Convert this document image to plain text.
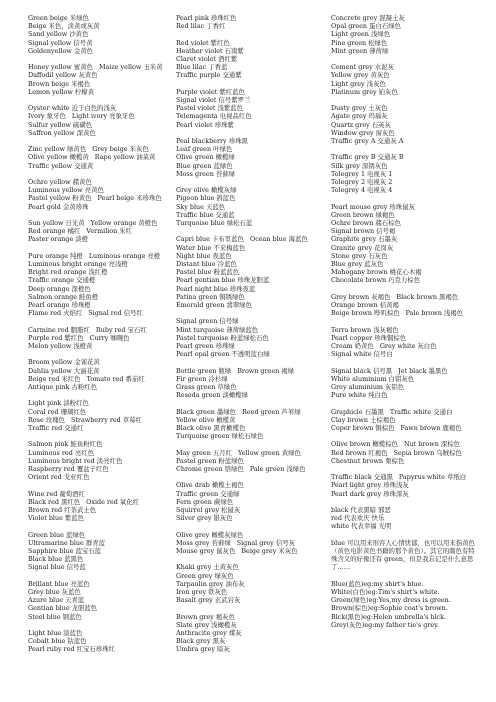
Green beige 米绿色
Beige 米色，淡黄或灰黄
Sand yellow 沙黄色
Signal yellow 信号黄
Goldenyellow 金黄色
Honey yellow 蜜黄色 Maize yellow 玉米黄
Daffodil yellow 灰黄色
Brown beige 米褐色
Lemon yellow 柠檬黄
Oyster white 近于白色的浅灰
Ivory 象牙色 Light ivory 亮象牙色
Sulfur yellow 硫磺色
Saffron yellow 深黄色
Zinc yellow 绿黄色 Grey beige 米灰色
Olive yellow 橄榄黄 Rape yellow 油菜黄
Traffic yellow 交通黄
Ochre yellow 赭黄色
Luminous yellow 亮黄色
Pastel yellow 粉黄色 Pearl beige 米珍珠色
Pearl gold 金黄珍珠
Sun yellow 日光黄 Yellow orange 黄橙色
Red orange 橘红 Vermilion 朱红
Paster orange 淡橙
Pure orange 纯橙 Luminous orange 亮橙
Luminous bright orange 亮浅橙
Bright red orange 浅红橙
Traffic orange 交通橙
Deep orange 深橙色
Salmon orange 鲑鱼橙
Pearl orange 珍珠橙
Flame red 火焰红 Signal red 信号红
Carmine red 胭脂红 Ruby red 宝石红
Purple red 紫红色 Curry 咖喱色
Melon yellow 浅橙黄
Broom yellow 金雀花黄
Dahlia yellow 大丽花黄
Beige red 米红色 Tomato red 番茄红
Antique pink 古粉红色
Light pink 淡粉红色
Coral red 珊瑚红色
Rose 玫瑰色 Strawberry red 草莓红
Traffic red 交通红
Salmon pink 鲑鱼粉红色
Luminous red 亮红色
Luminous bright red 淡亮红色
Raspberry red 覆盆子红色
Orient red 戈亚红色
Wine red 葡萄酒红
Black red 黑红色 Oxide red 氧化红
Brown red 红茶武士色
Violet blue 紫蓝色
Green blue 蓝绿色
Ultramarine blue 群青蓝
Sapphire blue 蓝宝石蓝
Black blue 蓝黑色
Signal blue 信号蓝
Brillant blue 亮蓝色
Grey blue 灰蓝色
Azure blue 天青蓝
Gentian blue 龙胆蓝色
Steel blue 钢蓝色
Light blue 淡蓝色
Cobalt blue 钴蓝色
Pearl ruby red 红宝石珍珠红
Pearl pink 珍珠红色
Red lilac 丁香红
Red violet 紫红色
Heather violet 石南紫
Claret violet 酒红紫
Blue lilac 丁香蓝
Traffic purple 交通紫
Purple violet 紫红蓝色
Signal violet 信号紫罗兰
Pastel violet 浅紫蓝色
Telemagenta 电视品红色
Pearl violet 珍珠紫
Peal blackberry 珍珠黑
Leaf green 叶绿色
Olive green 橄榄绿
Blue green 蓝绿色
Moss green 苔藓绿
Grey olive 橄榄灰绿
Pigeon blue 鸽蓝色
Sky blue 天蓝色
Traffic blue 交通蓝
Turquoise blue 绿松石蓝
Capri blue 卡布里蓝色 Ocean blue 海蓝色
Water blue 不来梅蓝色
Night blue 夜蓝色
Distant blue 冷蓝色
Pastel blue 粉蓝蓝色
Pearl gentian blue 珍珠龙胆蓝
Pearl night blue 珍珠夜蓝
Patina green 铜锈绿色
Emerald green 翡翠绿色
Signal green 信号绿
Mint turquoise 薄荷绿蓝色
Pastel turquoise 粉蓝绿松石色
Pearl green 珍珠绿
Pearl opal green 不透明蓝白绿
Bottle green 瓶绿 Brown green 褐绿
Fir green 冷杉绿
Grass green 草绿色
Reseda green 淡橄榄绿
Black green 墨绿色 Reed green 芦苇绿
Yellow olive 橄榄黄
Black olive 黑青橄榄色
Turquoise green 绿松石绿色
May green 五月红 Yellow green 黄绿色
Pastel green 粉蓝绿色
Chrome green 铬绿色 Pale green 浅绿色
Olive drab 橄榄土褐色
Traffic green 交通绿
Fern green 蕨绿色
Squirrel grey 松鼠灰
Silver grey 银灰色
Olive grey 橄榄灰绿色
Moss grey 苔藓绿 Signal grey 信号灰
Mouse grey 鼠灰色 Beige grey 米灰色
Khaki grey 土黄灰色
Green grey 绿灰色
Tarpaulin grey 油布灰
Iron grey 铁灰色
Basalt grey 玄武岩灰
Brown grey 褐灰色
Slate grey 浅橄榄灰
Anthracite grey 煤灰
Black grey 黑灰
Umbra grey 暗灰
Concrete grey 混凝土灰
Opal green 蛋白石绿色
Light green 浅绿色
Pine green 松绿色
Mint green 薄荷绿
Cement grey 水泥灰
Yellow grey 黄灰色
Light grey 浅灰色
Platinum grey 铂灰色
Dusty grey 土灰色
Agate grey 玛瑙灰
Quartz grey 石英灰
Window grey 窗灰色
Traffic grey A 交通灰 A
Traffic grey B 交通灰 B
Silk grey 深锈灰色
Telegrey 1 电视灰 1
Telegrey 2 电视灰 2
Telegrey 4 电视灰 4
Pearl mouse grey 珍珠鼠灰
Green brown 绿褐色
Ochre brown 赭石棕色
Signal brown 信号褐
Graphite grey 石墨灰
Granite grey 花岗灰
Stone grey 石灰色
Blue grey 蓝灰色
Mahogany brown 桃花心木褐
Chocolate brown 巧克力棕色
Grey brown 灰褐色 Black brown 黑褐色
Orange brown 桔黄褐
Beige brown 哔叽棕色 Pale brown 浅褐色
Terra brown 浅灰褐色
Pearl copper 珍珠铜棕色
Cream 奶黄色 Grey white 灰白色
Signal white 信号白
Signal black 信号黑 Jet black 墨黑色
White aluminium 白铝灰色
Grey aluminium 灰铝色
Pure white 纯白色
Graphicle 石墨黑 Traffic white 交通白
Clay brown 土棕褐色
Coper brown 铜棕色 Fawn brown 鹿褐色
Olive brown 橄榄棕色 Nut brown 深棕色
Red brown 红褐色 Sepia brown 乌贼棕色
Chestnut brown 栗棕色
Traffic black 交通黑 Papyrus white 草纸白
Pearl light grey 珍珠浅灰
Pearl dark grey 珍珠深灰
black 代表黑暗 邪恶
red 代表欢庆 快乐
white 代表幸福 光明
blue 可以用来形容人心情忧郁，也可以用来指黄色（黄色电影黄色书籍的那个黄色）。其它的颜色有特殊含义的好像还有 green，但是我忘记是什么意思了……
Blue(蓝色)eg:my shirt's blue.
White(白色)eg:Tim's shirt's white.
Green(绿色)eg:Yes,my dress is green.
Brown(棕色)eg:Sophie coat's brown.
Blck(黑色)eg:Helen umbrella's blck.
Grey(灰色)eg:my father tie's grey.
